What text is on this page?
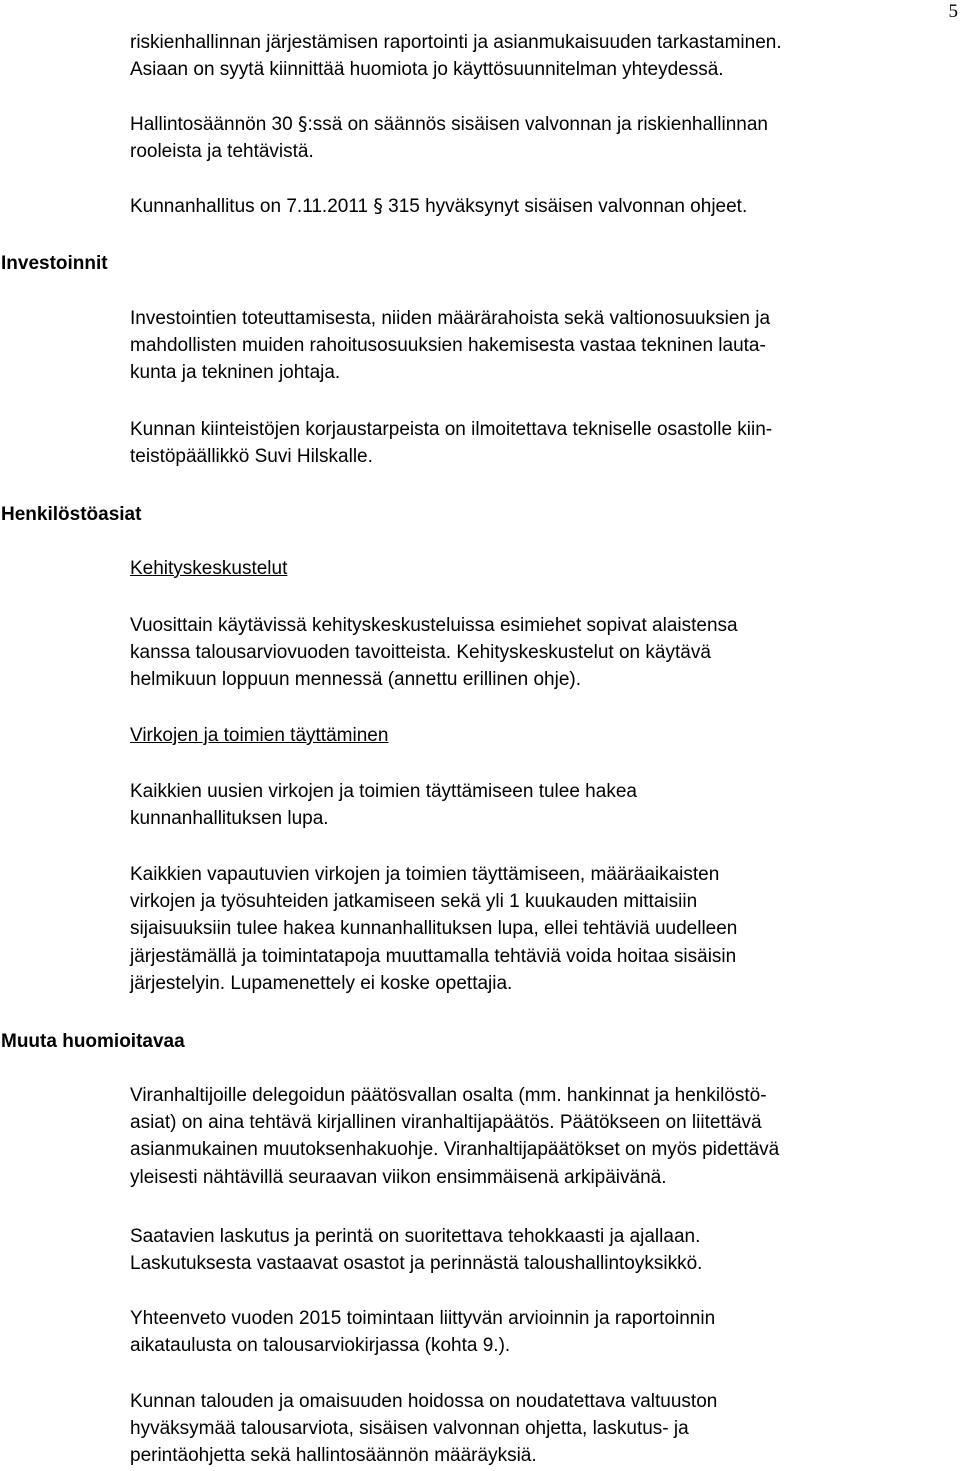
5
Investoinnit
Henkilöstöasiat
Muuta huomioitavaa
riskienhallinnan järjestämisen raportointi ja asianmukaisuuden tarkastaminen.
Asiaan on syytä kiinnittää huomiota jo käyttösuunnitelman yhteydessä.
Hallintosäännön 30 §:ssä on säännös sisäisen valvonnan ja riskienhallinnan
rooleista ja tehtävistä.
Kunnanhallitus on 7.11.2011 § 315 hyväksynyt sisäisen valvonnan ohjeet.
Investointien toteuttamisesta, niiden määrärahoista sekä valtionosuuksien ja
mahdollisten muiden rahoitusosuuksien hakemisesta vastaa tekninen lauta-
kunta ja tekninen johtaja.
Kunnan kiinteistöjen korjaustarpeista on ilmoitettava tekniselle osastolle kiin-
teistöpäällikkö Suvi Hilskalle.
Kehityskeskustelut
Vuosittain käytävissä kehityskeskusteluissa esimiehet sopivat alaistensa
kanssa talousarviovuoden tavoitteista. Kehityskeskustelut on käytävä
helmikuun loppuun mennessä (annettu erillinen ohje).
Virkojen ja toimien täyttäminen
Kaikkien uusien virkojen ja toimien täyttämiseen tulee hakea
kunnanhallituksen lupa.
Kaikkien vapautuvien virkojen ja toimien täyttämiseen, määräaikaisten
virkojen ja työsuhteiden jatkamiseen sekä yli 1 kuukauden mittaisiin
sijaisuuksiin tulee hakea kunnanhallituksen lupa, ellei tehtäviä uudelleen
järjestämällä ja toimintatapoja muuttamalla tehtäviä voida hoitaa sisäisin
järjestelyin. Lupamenettely ei koske opettajia.
Viranhaltijoille delegoidun päätösvallan osalta (mm. hankinnat ja henkilöstö-
asiat) on aina tehtävä kirjallinen viranhaltijapäätös. Päätökseen on liitettävä
asianmukainen muutoksenhakuohje. Viranhaltijapäätökset on myös pidettävä
yleisesti nähtävillä seuraavan viikon ensimmäisenä arkipäivänä.
Saatavien laskutus ja perintä on suoritettava tehokkaasti ja ajallaan.
Laskutuksesta vastaavat osastot ja perinnästä taloushallintoyksikkö.
Yhteenveto vuoden 2015 toimintaan liittyvän arvioinnin ja raportoinnin
aikataulusta on talousarviokirjassa (kohta 9.).
Kunnan talouden ja omaisuuden hoidossa on noudatettava valtuuston
hyväksymää talousarviota, sisäisen valvonnan ohjetta, laskutus- ja
perintäohjetta sekä hallintosäännön määräyksiä.
